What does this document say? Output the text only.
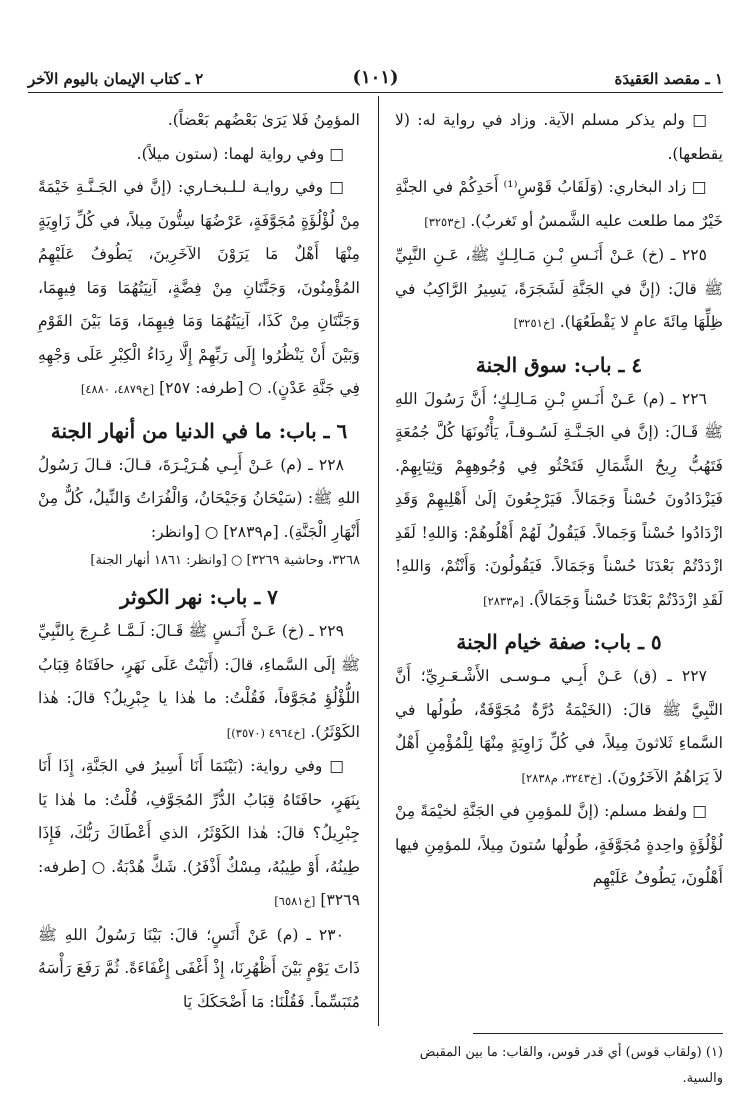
١ ـ مقصد العَقيدَة
(١٠١)
٢ ـ كتاب الإيمان باليوم الآخر

□ ولم يذكر مسلم الآية. وزاد في رواية له: (لا يقطعها).

□ زاد البخاري: (وَلَقَابُ قَوْسِ⁽¹⁾ أَحَدِكُمْ في الجنَّةِ خَيْرٌ مما طلعت عليه الشَّمسُ أو تَغربُ). [خ٣٢٥٣]

٢٢٥ ـ (خ) عَـنْ أَنَـسِ بْـنِ مَـالِـكٍ ﷺ، عَـنِ النَّبِيِّ ﷺ قالَ: (إنَّ في الجَنَّةِ لَشَجَرَةً، يَسِيرُ الرَّاكِبُ في ظِلِّهَا مِائَةَ عامٍ لا يَقْطَعُهَا). [خ٣٢٥١]

٤ ـ باب: سوق الجنة

٢٢٦ ـ (م) عَـنْ أَنَـسِ بْـنِ مَـالِـكٍ؛ أَنَّ رَسُولَ اللهِ ﷺ قَـالَ: (إنَّ في الجَـنَّـةِ لَسُـوقـاً، يَأْتُونَهَا كُلَّ جُمُعَةٍ فَتَهُبُّ رِيحُ الشَّمَالِ فَتَحْثُو فِي وُجُوهِهِمْ وَثِيَابِهِمْ. فَيَزْدَادُونَ حُسْناً وَجَمَالاً. فَيَرْجِعُونَ إلَىٰ أَهْلِيهِمْ وَقَدِ ازْدَادُوا حُسْناً وَجَمالاً. فَيَقُولُ لَهُمْ أَهْلُوهُمْ: وَاللهِ! لَقَدِ ازْدَدْتُمْ بَعْدَنَا حُسْناً وَجَمَالاً. فَيَقُولُونَ: وَأَنْتُمْ، وَاللهِ! لَقَدِ ازْدَدْتُمْ بَعْدَنَا حُسْناً وَجَمَالاً). [م٢٨٣٣]

٥ ـ باب: صفة خيام الجنة

٢٢٧ ـ (ق) عَـنْ أَبِـي مـوسـى الأَشْـعَـرِيِّ؛ أَنَّ النَّبِيَّ ﷺ قالَ: (الخَيْمَةُ دُرَّةٌ مُجَوَّفَةٌ، طُولُها في السَّماءِ ثَلاثونَ مِيلاً، في كُلِّ زَاوِيَةٍ مِنْهَا لِلْمُؤْمِنِ أَهْلٌ لاَ يَرَاهُمُ الآخَرُونَ). [خ٣٢٤٣، م٢٨٣٨]

□ ولفظ مسلم: (إنَّ للمؤمِنِ في الجَنَّةِ لخيْمَةً مِنْ لُؤْلُؤَةٍ واحِدةٍ مُجَوَّفَةٍ، طُولُها سُتونَ مِيلاً، للمؤمِنِ فيها أَهْلُونَ، يَطُوفُ عَلَيْهِم

المؤمِنُ فَلا يَرَىٰ بَعْضُهم بَعْضاً).

□ وفي رواية لهما: (ستون ميلاً).

□ وفي روايـة لـلـبخـاري: (إنَّ في الجَـنَّـةِ خَيْمَةً مِنْ لُؤْلُؤَةٍ مُجَوَّفَةٍ، عَرْضُهَا سِتُّونَ مِيلاً، في كُلِّ زَاوِيَةٍ مِنْهَا أَهْلٌ مَا يَرَوْنَ الآخَرِينَ، يَطُوفُ عَلَيْهِمُ المُؤْمِنُونَ، وَجَنَّتَانِ مِنْ فِضَّةٍ، آنِيَتُهُمَا وَمَا فِيهِمَا، وَجَنَّتَانِ مِنْ كَذَا، آنِيَتُهُمَا وَمَا فِيهِمَا، وَمَا بَيْنَ القَوْمِ وَبَيْنَ أَنْ يَنْظُرُوا إِلَى رَبِّهِمْ إِلَّا رِدَاءُ الْكِبْرِ عَلَى وَجْهِهِ فِي جَنَّةِ عَدْنٍ). ○ [طرفه: ٢٥٧] [خ٤٨٧٩، ٤٨٨٠]

٦ ـ باب: ما في الدنيا من أنهار الجنة

٢٢٨ ـ (م) عَـنْ أَبِـي هُـرَيْـرَةَ، قـالَ: قـالَ رَسُولُ اللهِ ﷺ: (سَيْحَانُ وَجَيْحَانُ، وَالْفُرَاتُ وَالنِّيلُ، كُلٌّ مِنْ أَنْهَارِ الْجَنَّةِ). [م٢٨٣٩] ○ [وانظر:

٣٢٦٨، وحاشية ٣٢٦٩] ○ [وانظر: ١٨٦١ أنهار الجنة]

٧ ـ باب: نهر الكوثر

٢٢٩ ـ (خ) عَـنْ أَنَـسٍ ﷺ قَـالَ: لَـمَّـا عُـرِجَ بِالنَّبِيِّ ﷺ إلَى السَّماءِ، قالَ: (أَتَيْتُ عَلَى نَهَرٍ، حافَتَاهُ قِبَابُ اللُّؤْلُؤِ مُجَوَّفاً، فَقُلْتُ: ما هٰذا يا جِبْرِيلُ؟ قالَ: هٰذا الكَوْثَرُ). [خ٤٩٦٤ (٣٥٧٠)]

□ وفي رواية: (بَيْنَمَا أَنَا أَسِيرُ في الجَنَّةِ، إِذَا أَنَا بِنَهَرٍ، حافَتَاهُ قِبَابُ الدُّرِّ المُجَوَّفِ، قُلْتُ: ما هٰذا يَا جِبْرِيلُ؟ قالَ: هٰذا الكَوْثَرُ، الذي أَعْطَاكَ رَبُّكَ، فَإِذَا طِينُهُ، أَوْ طِيبُهُ، مِسْكٌ أَذْفَرُ). شَكَّ هُدْبَةُ. ○ [طرفه: ٣٢٦٩] [خ٦٥٨١]

٢٣٠ ـ (م) عَنْ أَنَسٍ؛ قالَ: بَيْنَا رَسُولُ اللهِ ﷺ ذَاتَ يَوْمٍ بَيْنَ أَظْهُرِنَا، إِذْ أَغْفَى إِغْفَاءَةً. ثُمَّ رَفَعَ رَأْسَهُ مُتَبَسِّماً. فَقُلْنَا: مَا أَضْحَكَكَ يَا

(١) (ولقاب قوس) أي قدر قوس، والقاب: ما بين المقبض والسية.
